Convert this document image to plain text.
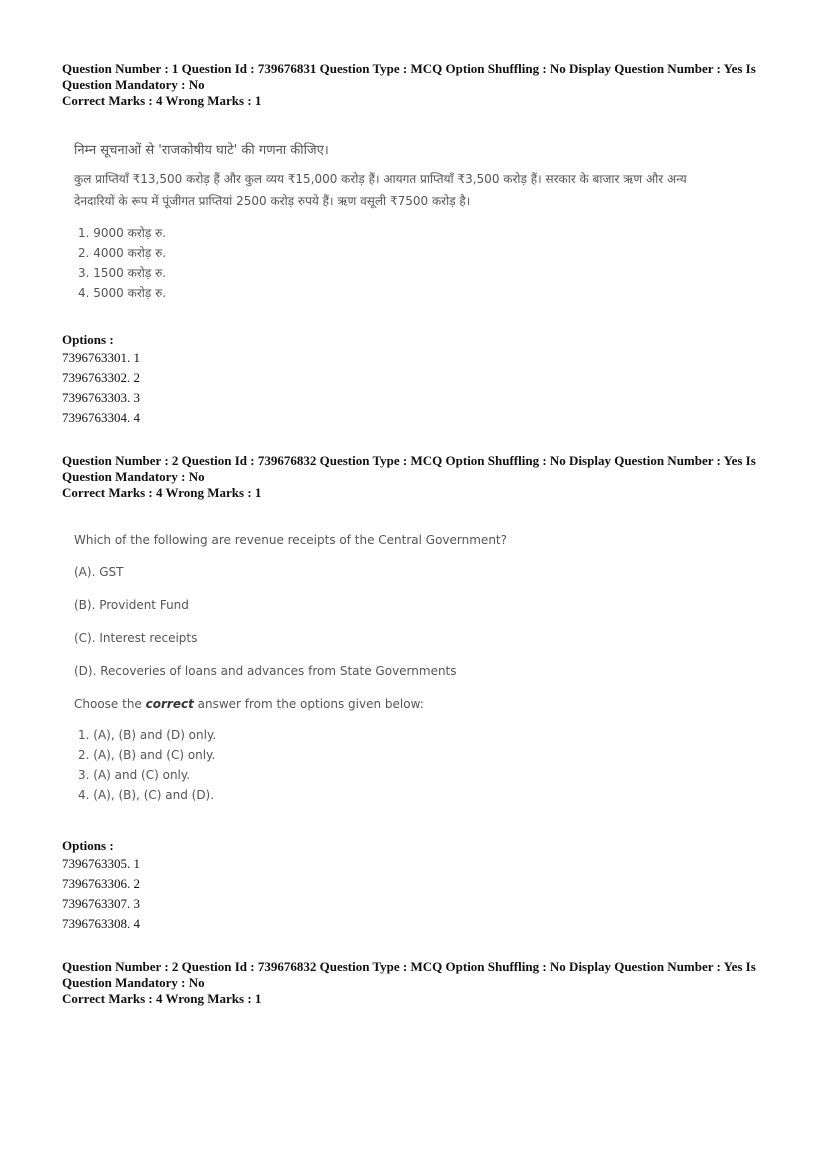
Question Number : 1 Question Id : 739676831 Question Type : MCQ Option Shuffling : No Display Question Number : Yes Is
Question Mandatory : No
Correct Marks : 4 Wrong Marks : 1

निम्न सूचनाओं से 'राजकोषीय घाटे' की गणना कीजिए।

कुल प्राप्तियाँ ₹13,500 करोड़ हैं और कुल व्यय ₹15,000 करोड़ हैं। आयगत प्राप्तियाँ ₹3,500 करोड़ हैं। सरकार के बाजार ऋण और अन्य

देनदारियों के रूप में पूंजीगत प्राप्तियां 2500 करोड़ रुपये हैं। ऋण वसूली ₹7500 करोड़ है।

1. 9000 करोड़ रु.
2. 4000 करोड़ रु.
3. 1500 करोड़ रु.
4. 5000 करोड़ रु.
Options :
7396763301. 1
7396763302. 2
7396763303. 3
7396763304. 4
Question Number : 2 Question Id : 739676832 Question Type : MCQ Option Shuffling : No Display Question Number : Yes Is
Question Mandatory : No
Correct Marks : 4 Wrong Marks : 1

Which of the following are revenue receipts of the Central Government?

(A). GST

(B). Provident Fund

(C). Interest receipts

(D). Recoveries of loans and advances from State Governments

Choose the correct answer from the options given below:

1. (A), (B) and (D) only.
2. (A), (B) and (C) only.
3. (A) and (C) only.
4. (A), (B), (C) and (D).
Options :
7396763305. 1
7396763306. 2
7396763307. 3
7396763308. 4
Question Number : 2 Question Id : 739676832 Question Type : MCQ Option Shuffling : No Display Question Number : Yes Is
Question Mandatory : No
Correct Marks : 4 Wrong Marks : 1
